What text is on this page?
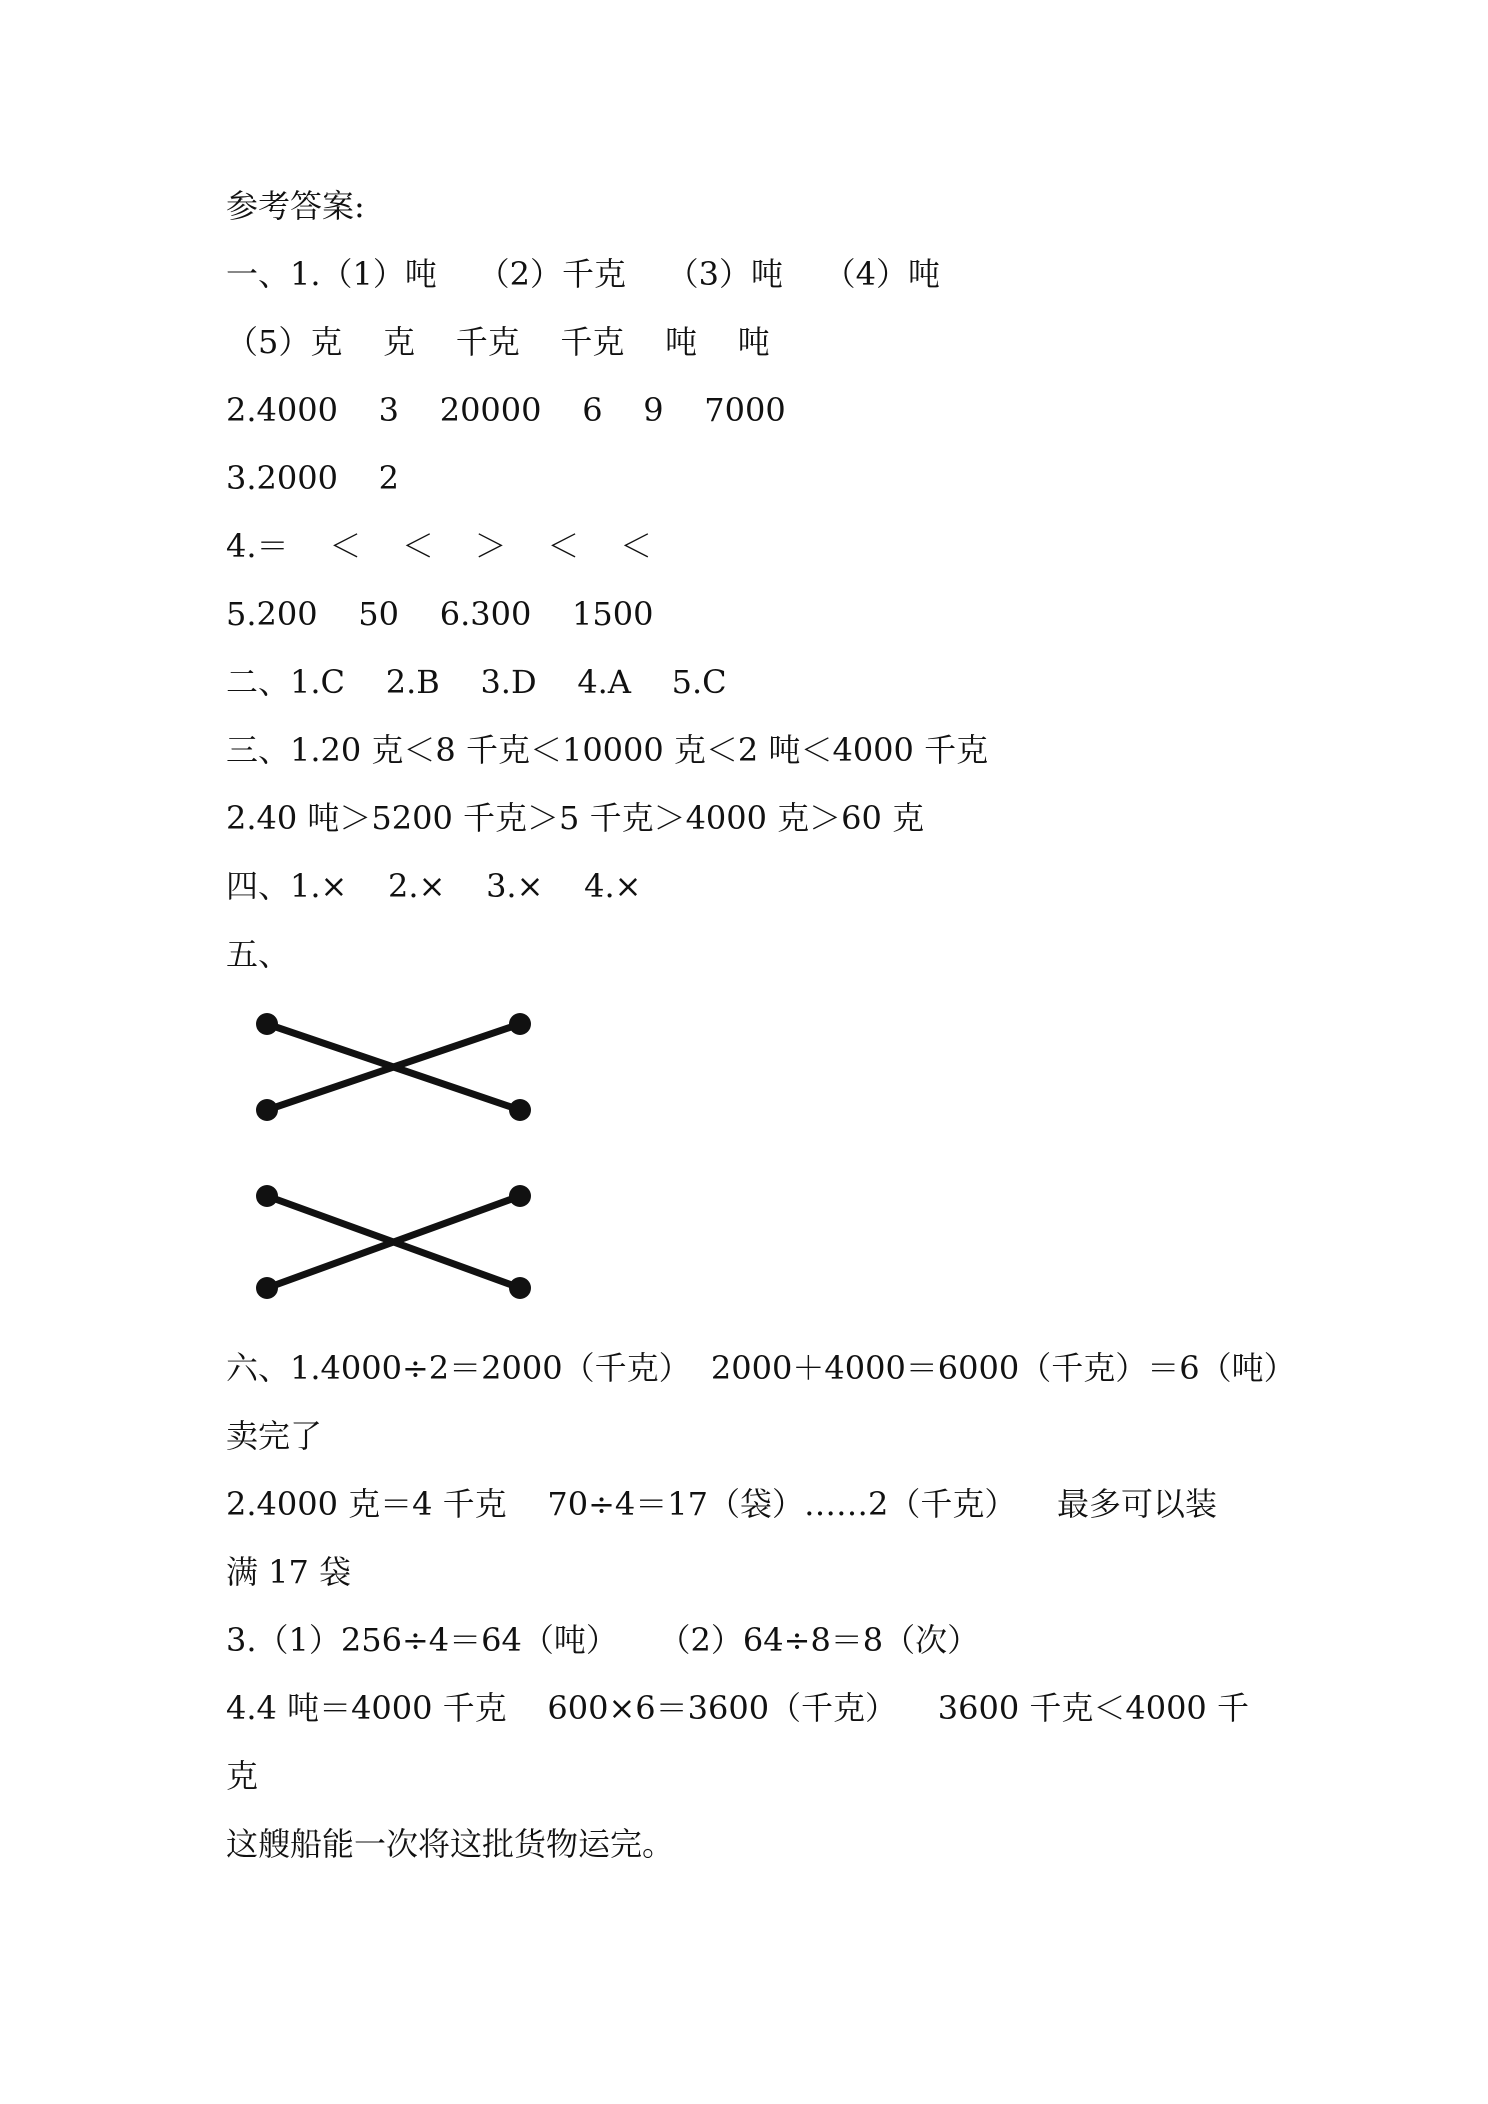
参考答案:
一、1.（1）吨    （2）千克    （3）吨    （4）吨
（5）克    克    千克    千克    吨    吨
2.4000    3    20000    6    9    7000
3.2000    2
4.＝    ＜    ＜    ＞    ＜    ＜
5.200    50    6.300    1500
二、1.C    2.B    3.D    4.A    5.C
三、1.20 克＜8 千克＜10000 克＜2 吨＜4000 千克
2.40 吨＞5200 千克＞5 千克＞4000 克＞60 克
四、1.×    2.×    3.×    4.×
五、
六、1.4000÷2＝2000（千克）  2000＋4000＝6000（千克）＝6（吨）
卖完了
2.4000 克＝4 千克    70÷4＝17（袋）……2（千克）    最多可以装
满 17 袋
3.（1）256÷4＝64（吨）    （2）64÷8＝8（次）
4.4 吨＝4000 千克    600×6＝3600（千克）    3600 千克＜4000 千
克
这艘船能一次将这批货物运完。
